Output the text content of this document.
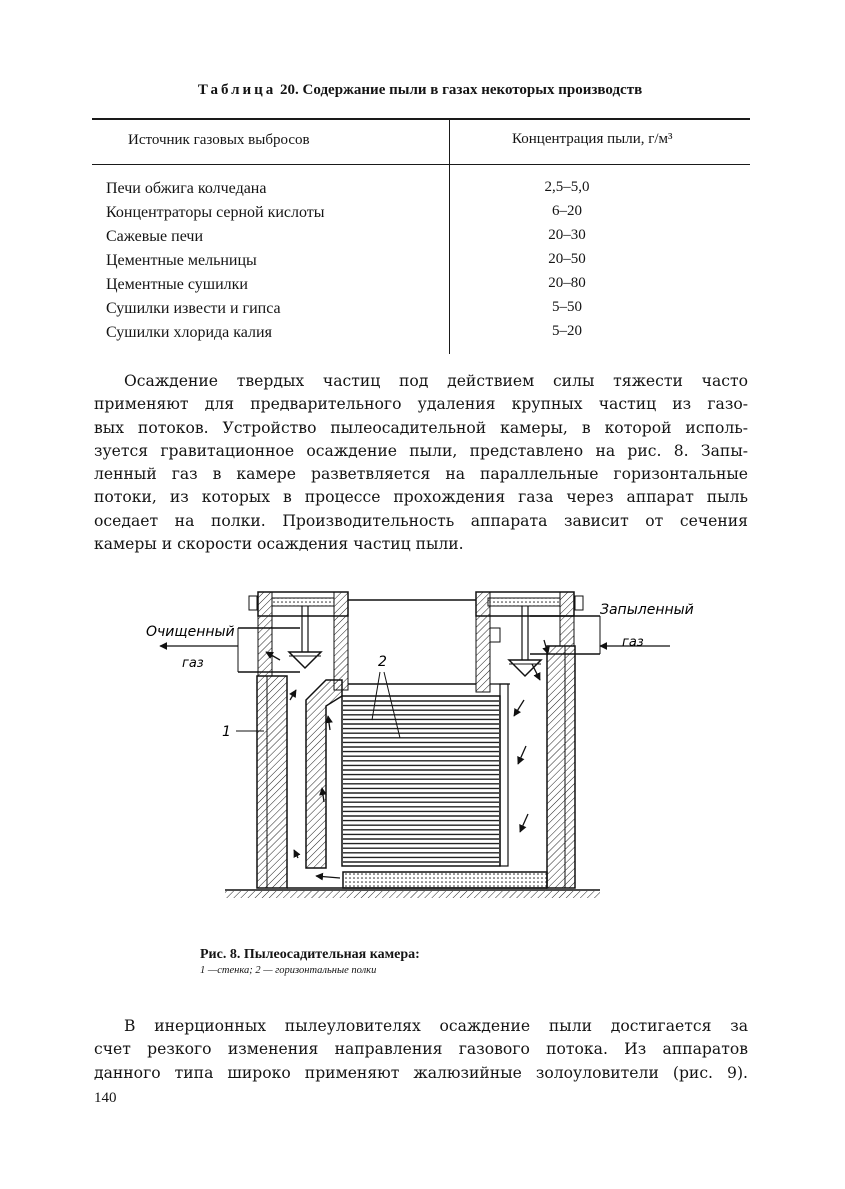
Таблица 20. Содержание пыли в газах некоторых производств
Источник газовых выбросов	Концентрация пыли, г/м³
Печи обжига колчедана	2,5–5,0
Концентраторы серной кислоты	6–20
Сажевые печи	20–30
Цементные мельницы	20–50
Цементные сушилки	20–80
Сушилки извести и гипса	5–50
Сушилки хлорида калия	5–20
Осаждение твердых частиц под действием силы тяжести часто
применяют для предварительного удаления крупных частиц из газо-
вых потоков. Устройство пылеосадительной камеры, в которой исполь-
зуется гравитационное осаждение пыли, представлено на рис. 8. Запы-
ленный газ в камере разветвляется на параллельные горизонтальные
потоки, из которых в процессе прохождения газа через аппарат пыль
оседает на полки. Производительность аппарата зависит от сечения
камеры и скорости осаждения частиц пыли.
Очищенный
газ
Запыленный
газ
1
2
Рис. 8. Пылеосадительная камера:
1 —стенка; 2 — горизонтальные полки
В инерционных пылеуловителях осаждение пыли достигается за
счет резкого изменения направления газового потока. Из аппаратов
данного типа широко применяют жалюзийные золоуловители (рис. 9).
140
